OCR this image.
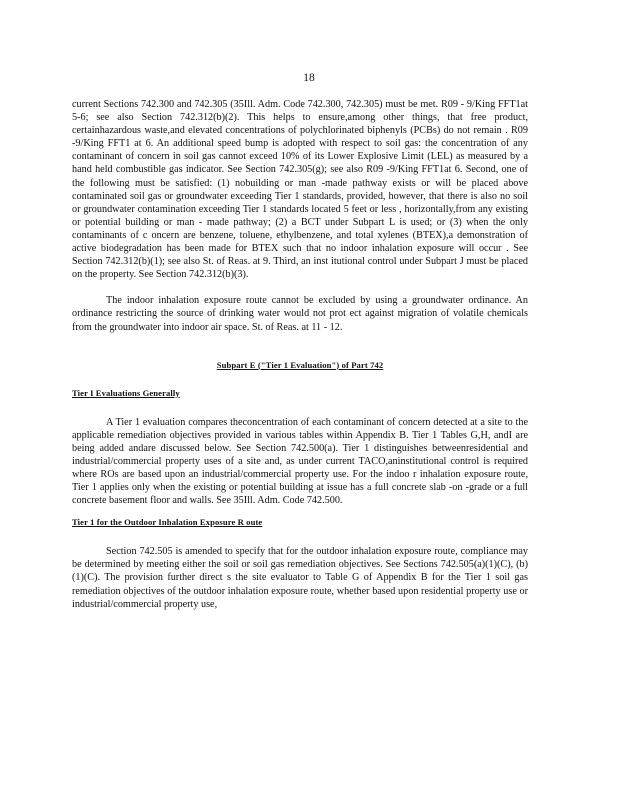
18

current Sections 742.300 and 742.305 (35Ill. Adm. Code 742.300, 742.305) must be met. R09 - 9/King FFT1at 5-6; see also Section 742.312(b)(2). This helps to ensure,among other things, that free product, certainhazardous waste,and elevated concentrations of polychlorinated biphenyls (PCBs) do not remain . R09 -9/King FFT1 at 6. An additional speed bump is adopted with respect to soil gas: the concentration of any contaminant of concern in soil gas cannot exceed 10% of its Lower Explosive Limit (LEL) as measured by a hand held combustible gas indicator. See Section 742.305(g); see also R09 -9/King FFT1at 6. Second, one of the following must be satisfied: (1) nobuilding or man -made pathway exists or will be placed above contaminated soil gas or groundwater exceeding Tier 1 standards, provided, however, that there is also no soil or groundwater contamination exceeding Tier 1 standards located 5 feet or less , horizontally,from any existing or potential building or man - made pathway; (2) a BCT under Subpart L is used; or (3) when the only contaminants of c oncern are benzene, toluene, ethylbenzene, and total xylenes (BTEX),a demonstration of active biodegradation has been made for BTEX such that no indoor inhalation exposure will occur . See Section 742.312(b)(1); see also St. of Reas. at 9. Third, an inst itutional control under Subpart J must be placed on the property. See Section 742.312(b)(3).

The indoor inhalation exposure route cannot be excluded by using a groundwater ordinance. An ordinance restricting the source of drinking water would not prot ect against migration of volatile chemicals from the groundwater into indoor air space. St. of Reas. at 11 - 12.

Subpart E ("Tier 1 Evaluation") of Part 742
Tier I Evaluations Generally

A Tier 1 evaluation compares theconcentration of each contaminant of concern detected at a site to the applicable remediation objectives provided in various tables within Appendix B. Tier 1 Tables G,H, andI are being added andare discussed below. See Section 742.500(a). Tier 1 distinguishes betweenresidential and industrial/commercial property uses of a site and, as under current TACO,aninstitutional control is required where ROs are based upon an industrial/commercial property use. For the indoo r inhalation exposure route, Tier 1 applies only when the existing or potential building at issue has a full concrete slab -on -grade or a full concrete basement floor and walls. See 35Ill. Adm. Code 742.500.

Tier 1 for the Outdoor Inhalation Exposure R oute

Section 742.505 is amended to specify that for the outdoor inhalation exposure route, compliance may be determined by meeting either the soil or soil gas remediation objectives. See Sections 742.505(a)(1)(C), (b)(1)(C). The provision further direct s the site evaluator to Table G of Appendix B for the Tier 1 soil gas remediation objectives of the outdoor inhalation exposure route, whether based upon residential property use or industrial/commercial property use,
